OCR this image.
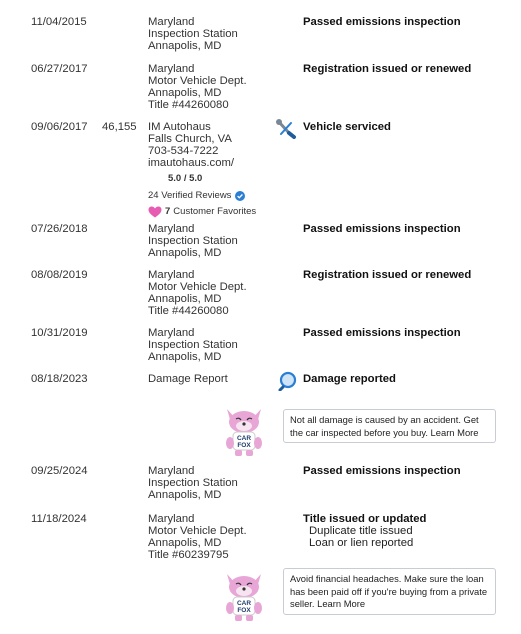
11/04/2015	Maryland
Inspection Station
Annapolis, MD
Passed emissions inspection
06/27/2017	Maryland
Motor Vehicle Dept.
Annapolis, MD
Title #44260080
Registration issued or renewed
09/06/2017 46,155 IM Autohaus
Falls Church, VA
703-534-7222
imautohaus.com/
5.0 / 5.0
24 Verified Reviews
7 Customer Favorites
Vehicle serviced
07/26/2018	Maryland
Inspection Station
Annapolis, MD
Passed emissions inspection
08/08/2019	Maryland
Motor Vehicle Dept.
Annapolis, MD
Title #44260080
Registration issued or renewed
10/31/2019	Maryland
Inspection Station
Annapolis, MD
Passed emissions inspection
08/18/2023	Damage Report	Damage reported
CAR
FOX
Not all damage is caused by an accident. Get the car inspected before you buy. Learn More
09/25/2024	Maryland
Inspection Station
Annapolis, MD
Passed emissions inspection
11/18/2024	Maryland
Motor Vehicle Dept.
Annapolis, MD
Title #60239795
Title issued or updated
Duplicate title issued
Loan or lien reported
CAR
FOX
Avoid financial headaches. Make sure the loan has been paid off if you're buying from a private seller. Learn More
